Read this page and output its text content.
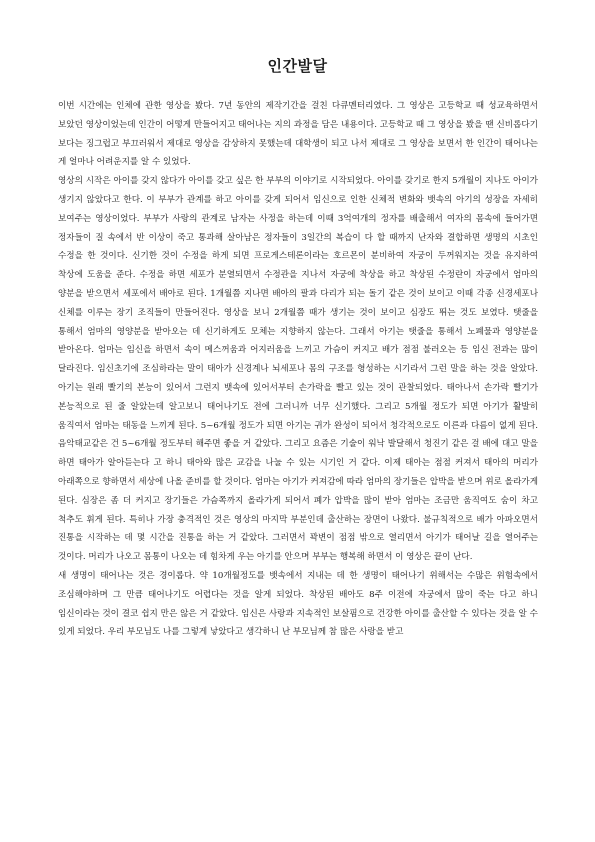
인간발달

이번 시간에는 인체에 관한 영상을 봤다. 7년 동안의 제작기간을 걸친 다큐멘터리였다. 그 영상은 고등학교 때 성교육하면서 보았던 영상이었는데 인간이 어떻게 만들어지고 태어나는 지의 과정을 담은 내용이다. 고등학교 때 그 영상을 봤을 땐 신비롭다기 보다는 징그럽고 부끄러워서 제대로 영상을 감상하지 못했는데 대학생이 되고 나서 제대로 그 영상을 보면서 한 인간이 태어나는 게 얼마나 어려운지를 알 수 있었다.

영상의 시작은 아이를 갖지 않다가 아이를 갖고 싶은 한 부부의 이야기로 시작되었다. 아이를 갖기로 한지 5개월이 지나도 아이가 생기지 않았다고 한다. 이 부부가 관계를 하고 아이를 갖게 되어서 임신으로 인한 신체적 변화와 뱃속의 아기의 성장을 자세히 보여주는 영상이었다. 부부가 사랑의 관계로 남자는 사정을 하는데 이때 3억여개의 정자를 배출해서 여자의 몸속에 들어가면 정자들이 질 속에서 반 이상이 죽고 통과해 살아남은 정자들이 3일간의 복습이 다 할 때까지 난자와 결합하면 생명의 시초인 수정을 한 것이다. 신기한 것이 수정을 하게 되면 프로게스테론이라는 호르몬이 분비하여 자궁이 두꺼워지는 것을 유지하여 착상에 도움을 준다. 수정을 하면 세포가 분열되면서 수정관을 지나서 자궁에 착상을 하고 착상된 수정란이 자궁에서 엄마의 양분을 받으면서 세포에서 배아로 된다. 1개월쯤 지나면 배아의 팔과 다리가 되는 돌기 같은 것이 보이고 이때 각종 신경세포나 신체를 이루는 장기 조직들이 만들어진다. 영상을 보니 2개월쯤 때가 생기는 것이 보이고 심장도 뛰는 것도 보였다. 탯줄을 통해서 엄마의 영양분을 받아오는 데 신기하게도 모체는 지향하지 않는다. 그래서 아기는 탯줄을 통해서 노폐물과 영양분을 받아온다. 엄마는 임신을 하면서 속이 메스꺼움과 어지러움을 느끼고 가슴이 커지고 배가 점점 불러오는 등 임신 전과는 많이 달라진다. 임신초기에 조심하라는 말이 태아가 신경계나 뇌세포나 몸의 구조를 형성하는 시기라서 그런 말을 하는 것을 알았다. 아기는 원래 빨기의 본능이 있어서 그런지 뱃속에 있어서부터 손가락을 빨고 있는 것이 관찰되었다. 태아나서 손가락 빨기가 본능적으로 된 줄 알았는데 알고보니 태어나기도 전에 그러니까 너무 신기했다. 그리고 5개월 정도가 되면 아기가 활발히 움직여서 엄마는 태동을 느끼게 된다. 5~6개월 정도가 되면 아기는 귀가 완성이 되어서 청각적으로도 이른과 다름이 없게 된다. 음악태교같은 건 5~6개월 정도부터 해주면 좋을 거 같았다. 그리고 요즘은 기술이 워낙 발달해서 청진기 같은 걸 배에 대고 말을 하면 태아가 알아듣는다 고 하니 태아와 많은 교감을 나눌 수 있는 시기인 거 같다. 이제 태아는 점점 커져서 태아의 머리가 아래쪽으로 향하면서 세상에 나올 준비를 할 것이다. 엄마는 아기가 커져감에 따라 엄마의 장기들은 압박을 받으며 위로 올라가게 된다. 심장은 좀 더 커지고 장기들은 가슴쪽까지 올라가게 되어서 폐가 압박을 많이 받아 엄마는 조금만 움직여도 숨이 차고 척추도 휘게 된다. 특히나 가장 충격적인 것은 영상의 마지막 부분인데 출산하는 장면이 나왔다. 불규칙적으로 배가 아파오면서 진통을 시작하는 데 몇 시간을 진통을 하는 거 같았다. 그러면서 꽉변이 점점 밖으로 열리면서 아기가 태어날 길을 열어주는 것이다. 머리가 나오고 몸통이 나오는 데 힘차게 우는 아기를 안으며 부부는 행복해 하면서 이 영상은 끝이 난다.

새 생명이 태어나는 것은 경이롭다. 약 10개월정도를 뱃속에서 지내는 데 한 생명이 태어나기 위해서는 수많은 위험속에서 조심해야하며 그 만큼 태어나기도 어렵다는 것을 알게 되었다. 착상된 배아도 8주 이전에 자궁에서 많이 죽는 다고 하니 임신이라는 것이 결코 쉽지 만은 않은 거 같았다. 임신은 사랑과 지속적인 보살핌으로 건강한 아이를 출산할 수 있다는 것을 알 수 있게 되었다. 우리 부모님도 나를 그렇게 낳았다고 생각하니 난 부모님께 참 많은 사랑을 받고
